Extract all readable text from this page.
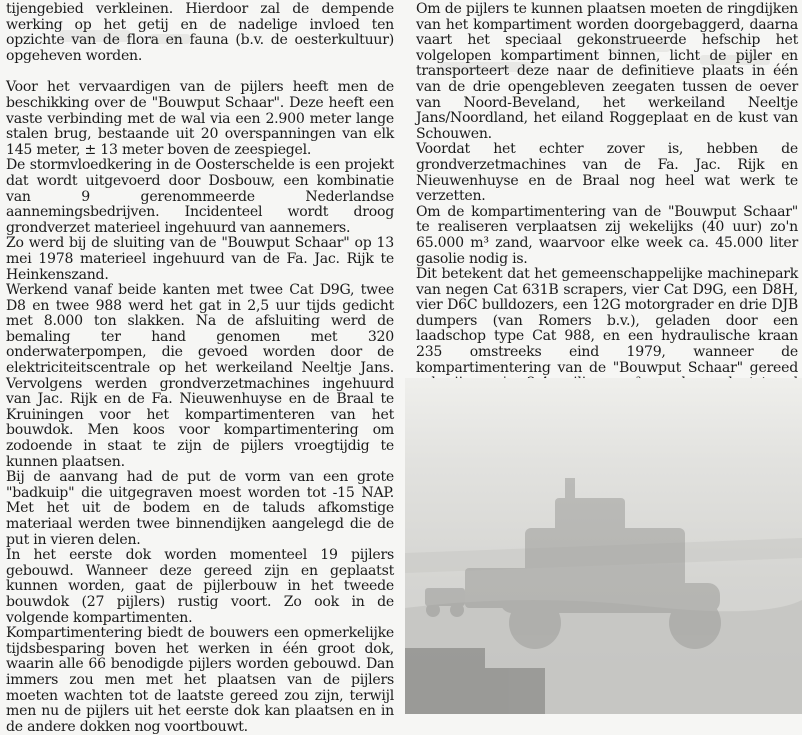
tijengebied verkleinen. Hierdoor zal de dempende werking op het getij en de nadelige invloed ten opzichte van de flora en fauna (b.v. de oesterkultuur) opgeheven worden.

Voor het vervaardigen van de pijlers heeft men de beschikking over de "Bouwput Schaar". Deze heeft een vaste verbinding met de wal via een 2.900 meter lange stalen brug, bestaande uit 20 overspanningen van elk 145 meter, ± 13 meter boven de zeespiegel.

De stormvloedkering in de Oosterschelde is een projekt dat wordt uitgevoerd door Dosbouw, een kombinatie van 9 gerenommeerde Nederlandse aannemingsbedrijven. Incidenteel wordt droog grondverzet materieel ingehuurd van aannemers.

Zo werd bij de sluiting van de "Bouwput Schaar" op 13 mei 1978 materieel ingehuurd van de Fa. Jac. Rijk te Heinkenszand.

Werkend vanaf beide kanten met twee Cat D9G, twee D8 en twee 988 werd het gat in 2,5 uur tijds gedicht met 8.000 ton slakken. Na de afsluiting werd de bemaling ter hand genomen met 320 onderwaterpompen, die gevoed worden door de elektriciteitscentrale op het werkeiland Neeltje Jans. Vervolgens werden grondverzetmachines ingehuurd van Jac. Rijk en de Fa. Nieuwenhuyse en de Braal te Kruiningen voor het kompartimenteren van het bouwdok. Men koos voor kompartimentering om zodoende in staat te zijn de pijlers vroegtijdig te kunnen plaatsen.

Bij de aanvang had de put de vorm van een grote "badkuip" die uitgegraven moest worden tot -15 NAP. Met het uit de bodem en de taluds afkomstige materiaal werden twee binnendijken aangelegd die de put in vieren delen.

In het eerste dok worden momenteel 19 pijlers gebouwd. Wanneer deze gereed zijn en geplaatst kunnen worden, gaat de pijlerbouw in het tweede bouwdok (27 pijlers) rustig voort. Zo ook in de volgende kompartimenten.

Kompartimentering biedt de bouwers een opmerkelijke tijdsbesparing boven het werken in één groot dok, waarin alle 66 benodigde pijlers worden gebouwd. Dan immers zou men met het plaatsen van de pijlers moeten wachten tot de laatste gereed zou zijn, terwijl men nu de pijlers uit het eerste dok kan plaatsen en in de andere dokken nog voortbouwt.

Om de pijlers te kunnen plaatsen moeten de ringdijken van het kompartiment worden doorgebaggerd, daarna vaart het speciaal gekonstrueerde hefschip het volgelopen kompartiment binnen, licht de pijler en transporteert deze naar de definitieve plaats in één van de drie opengebleven zeegaten tussen de oever van Noord-Beveland, het werkeiland Neeltje Jans/Noordland, het eiland Roggeplaat en de kust van Schouwen.

Voordat het echter zover is, hebben de grondverzetmachines van de Fa. Jac. Rijk en Nieuwenhuyse en de Braal nog heel wat werk te verzetten.

Om de kompartimentering van de "Bouwput Schaar" te realiseren verplaatsen zij wekelijks (40 uur) zo'n 65.000 m³ zand, waarvoor elke week ca. 45.000 liter gasolie nodig is.

Dit betekent dat het gemeenschappelijke machinepark van negen Cat 631B scrapers, vier Cat D9G, een D8H, vier D6C bulldozers, een 12G motorgrader en drie DJB dumpers (van Romers b.v.), geladen door een laadschop type Cat 988, en een hydraulische kraan 235 omstreeks eind 1979, wanneer de kompartimentering van de "Bouwput Schaar" gereed
